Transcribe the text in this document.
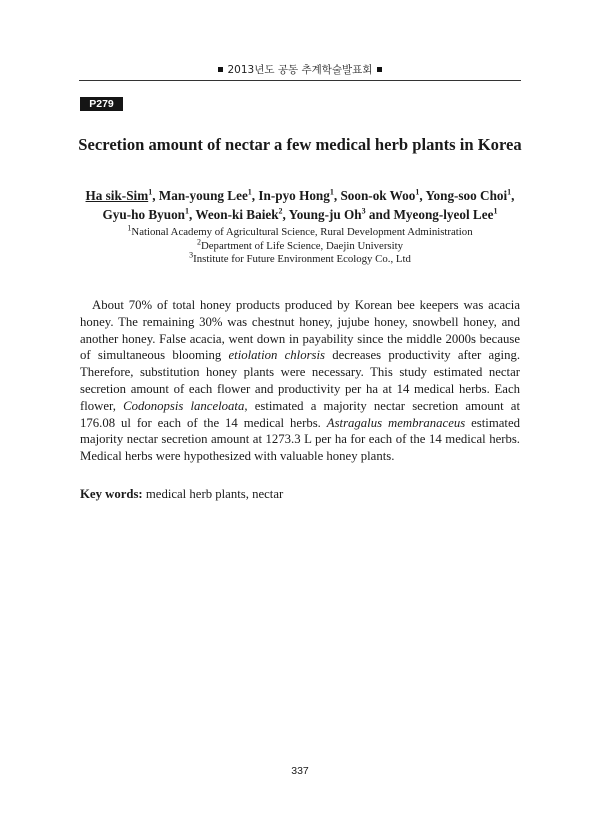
2013년도 공동 추계학술발표회
P279
Secretion amount of nectar a few medical herb plants in Korea
Ha sik-Sim$^1$, Man-young Lee$^1$, In-pyo Hong$^1$, Soon-ok Woo$^1$, Yong-soo Choi$^1$,
Gyu-ho Byuon$^1$, Weon-ki Baiek$^2$, Young-ju Oh$^3$ and Myeong-lyeol Lee$^1$
$^1$National Academy of Agricultural Science, Rural Development Administration
$^2$Department of Life Science, Daejin University
$^3$Institute for Future Environment Ecology Co., Ltd

About 70% of total honey products produced by Korean bee keepers was acacia honey. The remaining 30% was chestnut honey, jujube honey, snowbell honey, and another honey. False acacia, went down in payability since the middle 2000s because of simultaneous blooming etiolation chlorsis decreases productivity after aging. Therefore, substitution honey plants were necessary. This study estimated nectar secretion amount of each flower and productivity per ha at 14 medical herbs. Each flower, Codonopsis lanceloata, estimated a majority nectar secretion amount at 176.08 ul for each of the 14 medical herbs. Astragalus membranaceus estimated majority nectar secretion amount at 1273.3 L per ha for each of the 14 medical herbs. Medical herbs were hypothesized with valuable honey plants.

Key words: medical herb plants, nectar
337
